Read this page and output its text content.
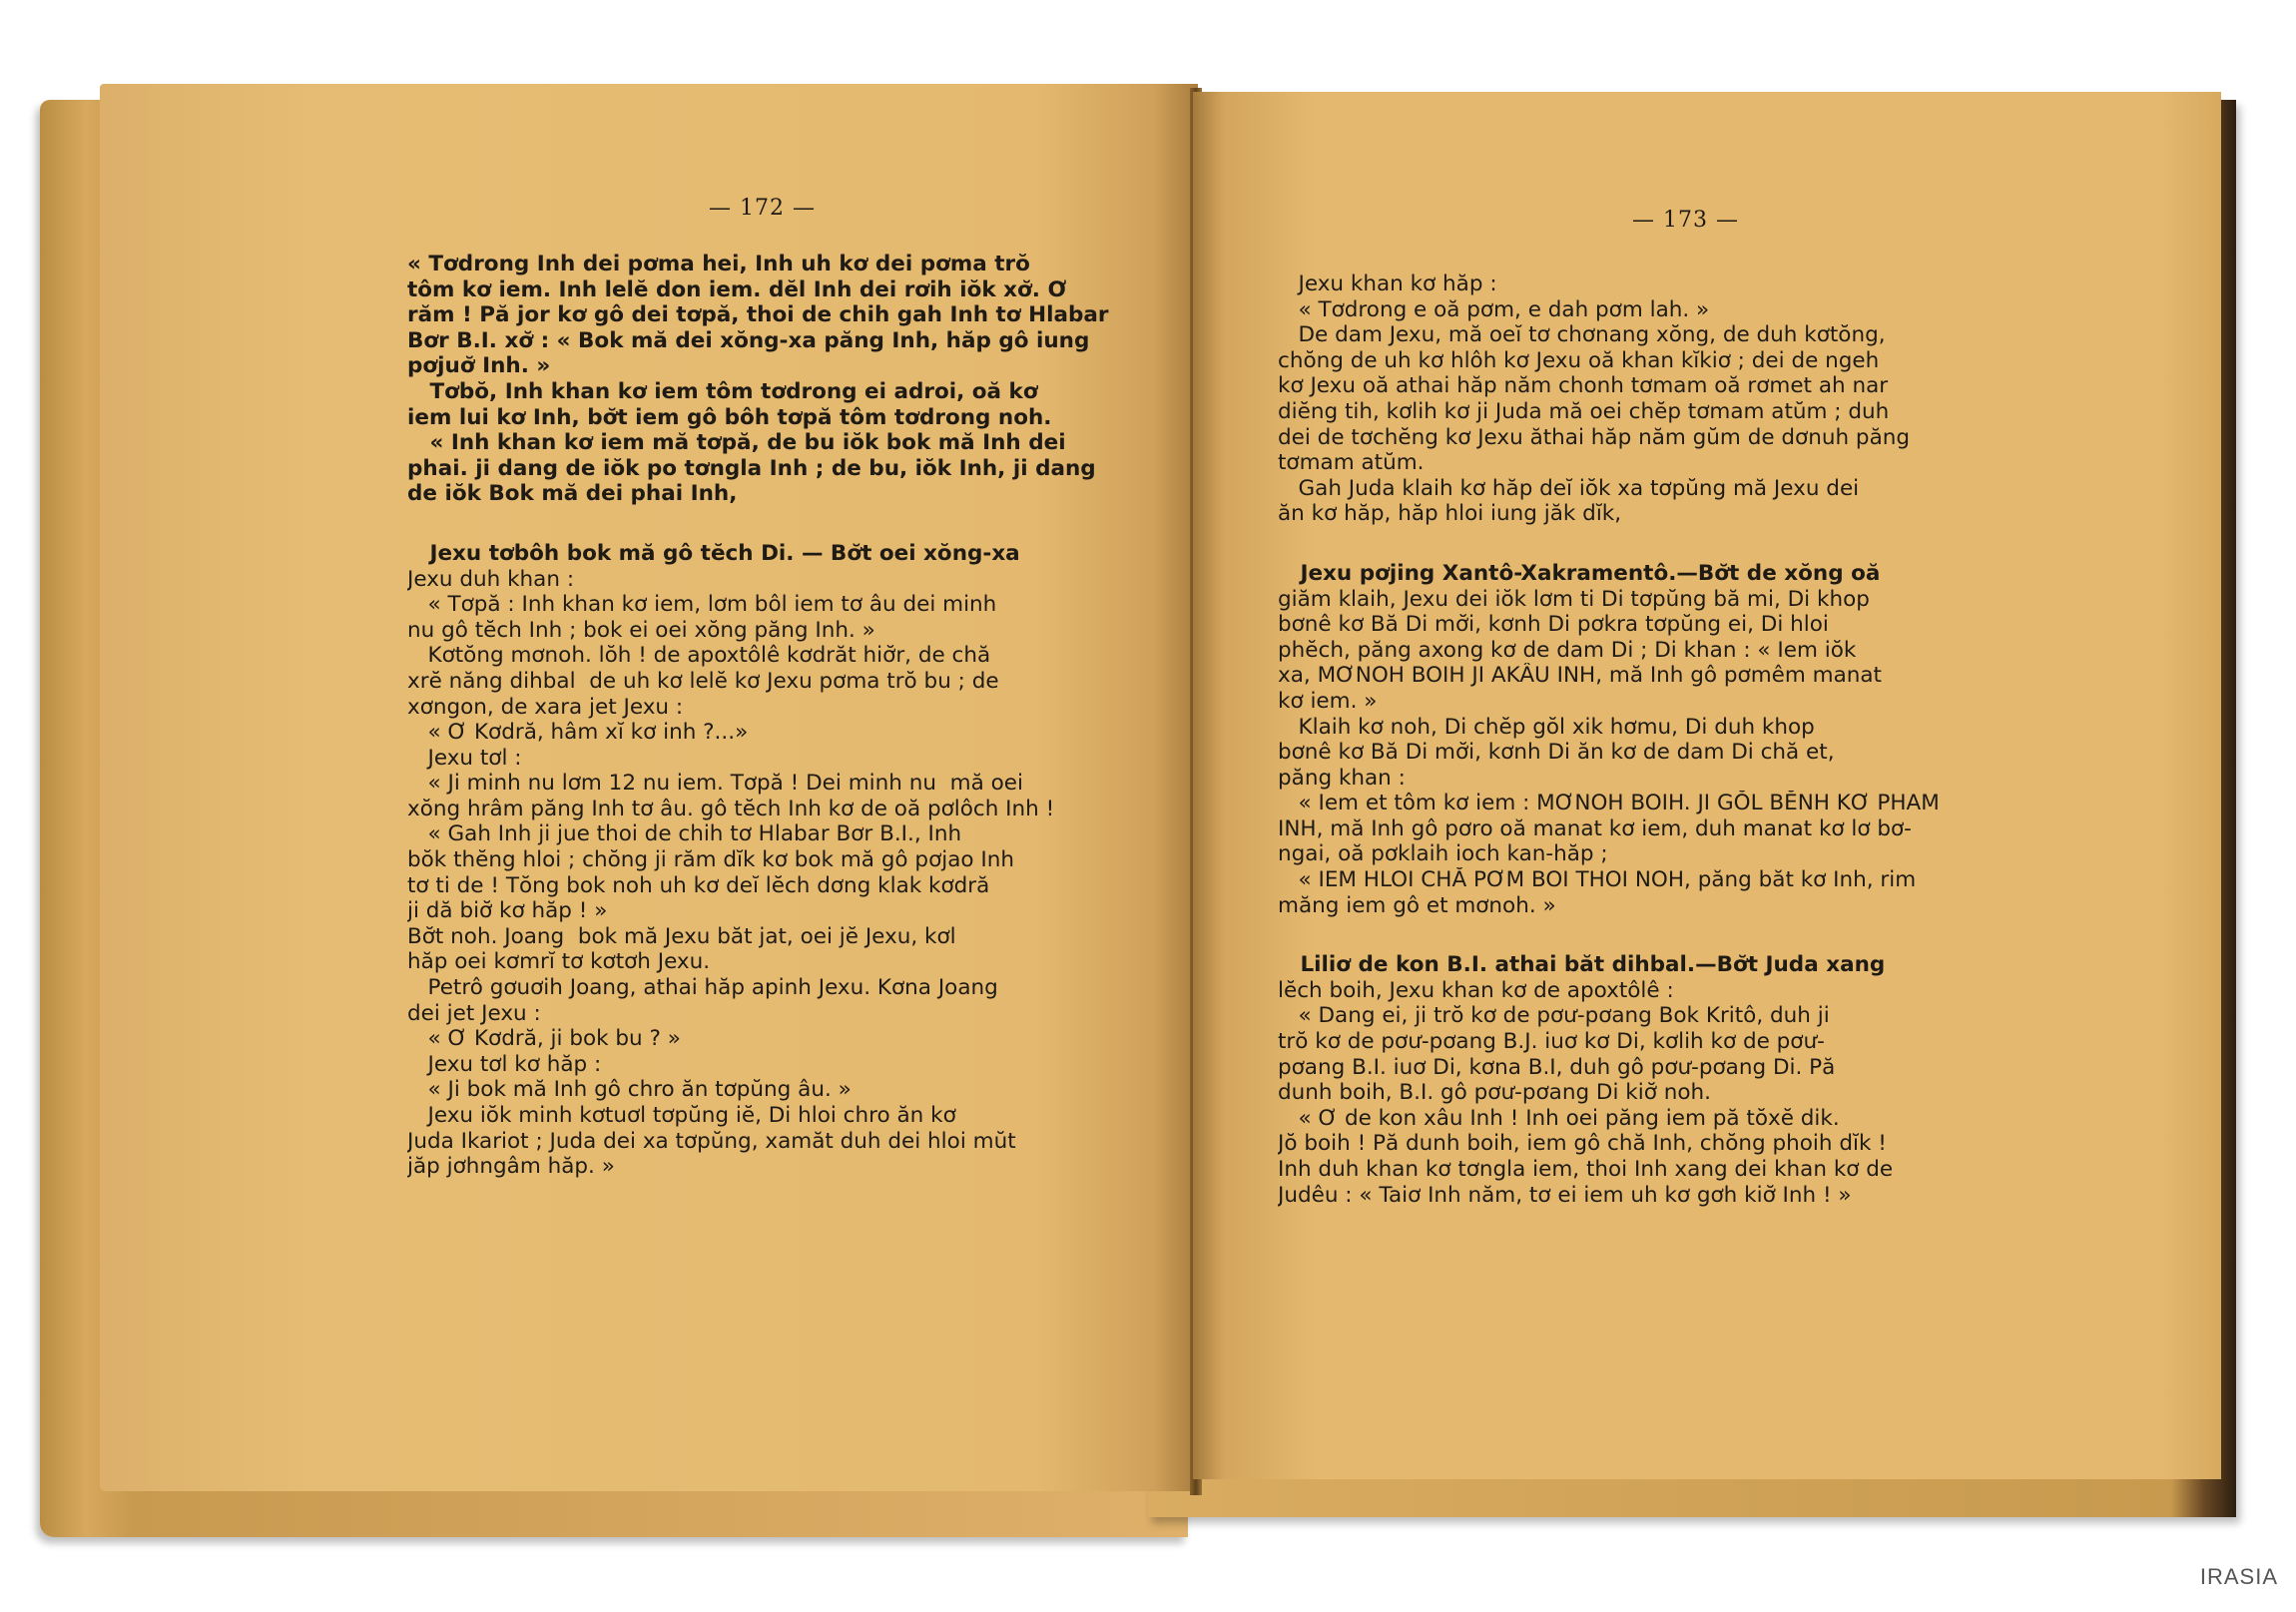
— 172 —
« Tơdrong Inh dei pơma hei, Inh uh kơ dei pơma trŏ
tôm kơ iem. Inh lelĕ don iem. dĕl Inh dei rơih iŏk xơ̆. Ơ
răm ! Pă jor kơ gô dei tơpă, thoi de chih gah Inh tơ Hlabar
Bơr B.I. xơ̆ : « Bok mă dei xŏng-xa păng Inh, hăp gô iung
pơjuơ̆ Inh. »
Tơbŏ, Inh khan kơ iem tôm tơdrong ei adroi, oă kơ
iem lui kơ Inh, bơ̆t iem gô bôh tơpă tôm tơdrong noh.
« Inh khan kơ iem mă tơpă, de bu iŏk bok mă Inh dei
phai. ji dang de iŏk po tơngla Inh ; de bu, iŏk Inh, ji dang
de iŏk Bok mă dei phai Inh,
Jexu tơbôh bok mă gô tĕch Di. — Bơ̆t oei xŏng-xa
Jexu duh khan :
« Tơpă : Inh khan kơ iem, lơm bôl iem tơ âu dei minh
nu gô tĕch Inh ; bok ei oei xŏng păng Inh. »
Kơtŏng mơnoh. lŏh ! de apoxtôlê kơdrăt hiơ̆r, de chă
xrĕ năng dihbal  de uh kơ lelĕ kơ Jexu pơma trŏ bu ; de
xơngon, de xara jet Jexu :
« Ơ Kơdră, hâm xĭ kơ inh ?...»
Jexu tơl :
« Ji minh nu lơm 12 nu iem. Tơpă ! Dei minh nu  mă oei
xŏng hrâm păng Inh tơ âu. gô tĕch Inh kơ de oă pơlôch Inh !
« Gah Inh ji jue thoi de chih tơ Hlabar Bơr B.I., Inh
bŏk thĕng hloi ; chŏng ji răm dĭk kơ bok mă gô pơjao Inh
tơ ti de ! Tŏng bok noh uh kơ deĭ lĕch dơng klak kơdră
ji dă biơ̆ kơ hăp ! »
Bơ̆t noh. Joang  bok mă Jexu băt jat, oei jĕ Jexu, kơl
hăp oei kơmrĭ tơ kơtơh Jexu.
Petrô gơuơih Joang, athai hăp apinh Jexu. Kơna Joang
dei jet Jexu :
« Ơ Kơdră, ji bok bu ? »
Jexu tơl kơ hăp :
« Ji bok mă Inh gô chro ăn tơpŭng âu. »
Jexu iŏk minh kơtuơl tơpŭng iĕ, Di hloi chro ăn kơ
Juda Ikariot ; Juda dei xa tơpŭng, xamăt duh dei hloi mŭt
jăp jơhngâm hăp. »
— 173 —
Jexu khan kơ hăp :
« Tơdrong e oă pơm, e dah pơm lah. »
De dam Jexu, mă oeĭ tơ chơnang xŏng, de duh kơtŏng,
chŏng de uh kơ hlôh kơ Jexu oă khan kĭkiơ ; dei de ngeh
kơ Jexu oă athai hăp năm chonh tơmam oă rơmet ah nar
diĕng tih, kơlih kơ ji Juda mă oei chĕp tơmam atŭm ; duh
dei de tơchĕng kơ Jexu ăthai hăp năm gŭm de dơnuh păng
tơmam atŭm.
Gah Juda klaih kơ hăp deĭ iŏk xa tơpŭng mă Jexu dei
ăn kơ hăp, hăp hloi iung jăk dĭk,
Jexu pơjing Xantô-Xakramentô.—Bơ̆t de xŏng oă
giăm klaih, Jexu dei iŏk lơm ti Di tơpŭng bă mi, Di khop
bơnê kơ Bă Di mơ̆i, kơnh Di pơkra tơpŭng ei, Di hloi
phĕch, păng axong kơ de dam Di ; Di khan : « Iem iŏk
xa, MƠNOH BOIH JI AKÂU INH, mă Inh gô pơmêm manat
kơ iem. »
Klaih kơ noh, Di chĕp gŏl xik hơmu, Di duh khop
bơnê kơ Bă Di mơ̆i, kơnh Di ăn kơ de dam Di chă et,
păng khan :
« Iem et tôm kơ iem : MƠNOH BOIH. JI GŎL BĔNH KƠ PHAM
INH, mă Inh gô pơro oă manat kơ iem, duh manat kơ lơ bơ-
ngai, oă pơklaih ioch kan-hăp ;
« IEM HLOI CHĂ PƠM BOI THOI NOH, păng băt kơ Inh, rim
măng iem gô et mơnoh. »
Liliơ de kon B.I. athai băt dihbal.—Bơ̆t Juda xang
lĕch boih, Jexu khan kơ de apoxtôlê :
« Dang ei, ji trŏ kơ de pơư-pơang Bok Kritô, duh ji
trŏ kơ de pơư-pơang B.J. iuơ kơ Di, kơlih kơ de pơư-
pơang B.I. iuơ Di, kơna B.I, duh gô pơư-pơang Di. Pă
dunh boih, B.I. gô pơư-pơang Di kiơ̆ noh.
« Ơ de kon xâu Inh ! Inh oei păng iem pă tŏxĕ dik.
Jŏ boih ! Pă dunh boih, iem gô chă Inh, chŏng phoih dĭk !
Inh duh khan kơ tơngla iem, thoi Inh xang dei khan kơ de
Judêu : « Taiơ Inh năm, tơ ei iem uh kơ gơh kiơ̆ Inh ! »
IRASIA
